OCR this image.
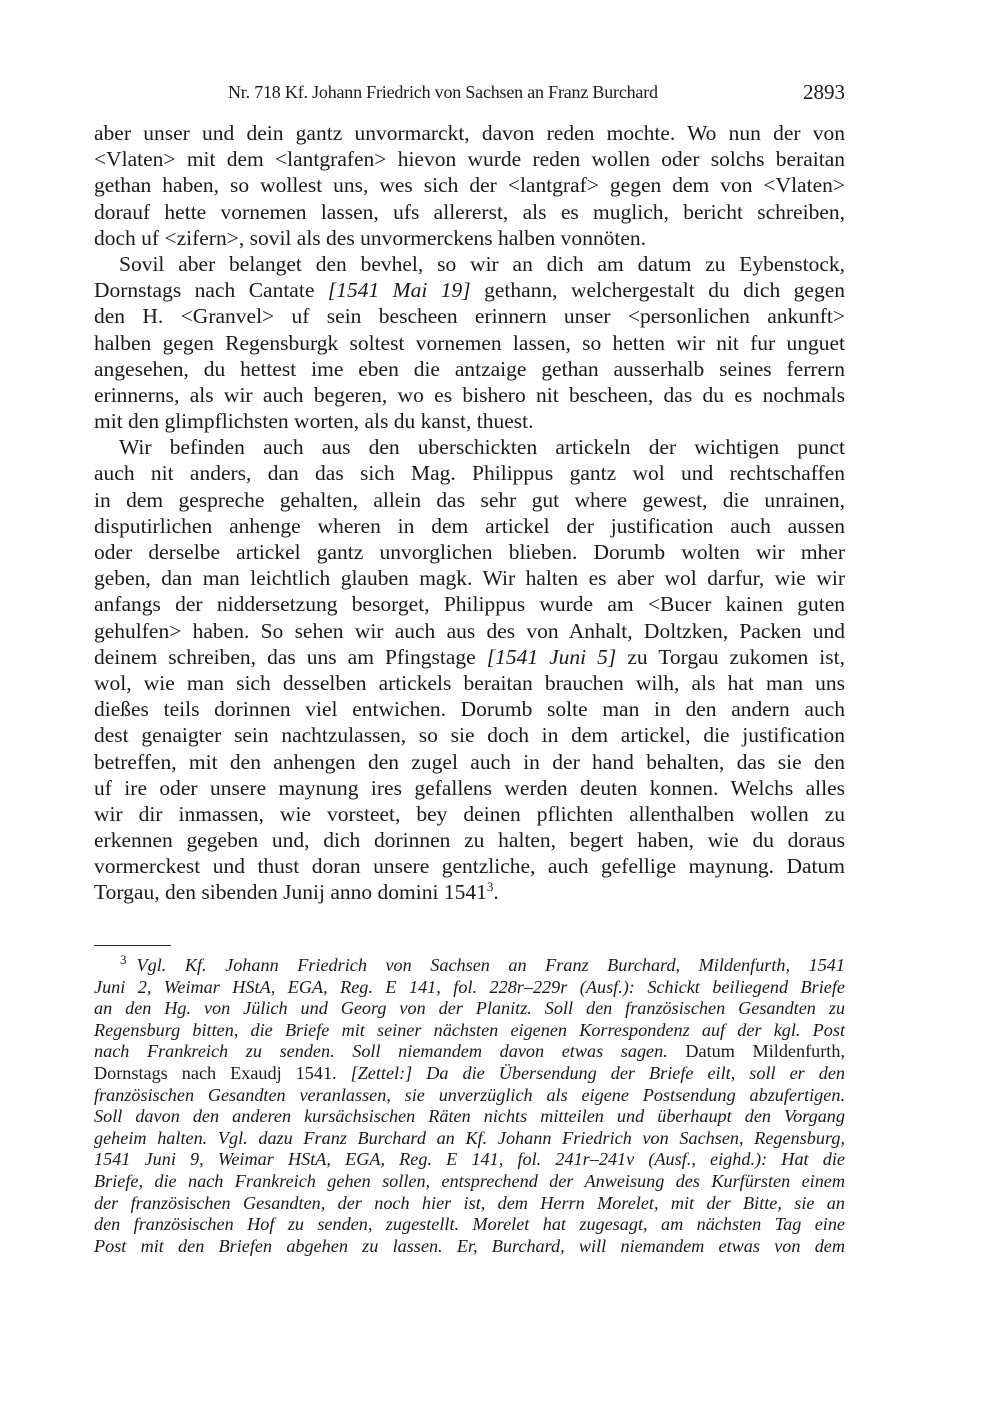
Nr. 718 Kf. Johann Friedrich von Sachsen an Franz Burchard	2893
aber unser und dein gantz unvormarckt, davon reden mochte. Wo nun der von
<Vlaten> mit dem <lantgrafen> hievon wurde reden wollen oder solchs beraitan
gethan haben, so wollest uns, wes sich der <lantgraf> gegen dem von <Vlaten>
dorauf hette vornemen lassen, ufs allererst, als es muglich, bericht schreiben,
doch uf <zifern>, sovil als des unvormerckens halben vonnöten.
Sovil aber belanget den bevhel, so wir an dich am datum zu Eybenstock,
Dornstags nach Cantate [1541 Mai 19] gethann, welchergestalt du dich gegen
den H. <Granvel> uf sein bescheen erinnern unser <personlichen ankunft>
halben gegen Regensburgk soltest vornemen lassen, so hetten wir nit fur unguet
angesehen, du hettest ime eben die antzaige gethan ausserhalb seines ferrern
erinnerns, als wir auch begeren, wo es bishero nit bescheen, das du es nochmals
mit den glimpflichsten worten, als du kanst, thuest.
Wir befinden auch aus den uberschickten artickeln der wichtigen punct
auch nit anders, dan das sich Mag. Philippus gantz wol und rechtschaffen
in dem gespreche gehalten, allein das sehr gut where gewest, die unrainen,
disputirlichen anhenge wheren in dem artickel der justification auch aussen
oder derselbe artickel gantz unvorglichen blieben. Dorumb wolten wir mher
geben, dan man leichtlich glauben magk. Wir halten es aber wol darfur, wie wir
anfangs der niddersetzung besorget, Philippus wurde am <Bucer kainen guten
gehulfen> haben. So sehen wir auch aus des von Anhalt, Doltzken, Packen und
deinem schreiben, das uns am Pfingstage [1541 Juni 5] zu Torgau zukomen ist,
wol, wie man sich desselben artickels beraitan brauchen wilh, als hat man uns
dießes teils dorinnen viel entwichen. Dorumb solte man in den andern auch
dest genaigter sein nachtzulassen, so sie doch in dem artickel, die justification
betreffen, mit den anhengen den zugel auch in der hand behalten, das sie den
uf ire oder unsere maynung ires gefallens werden deuten konnen. Welchs alles
wir dir inmassen, wie vorsteet, bey deinen pflichten allenthalben wollen zu
erkennen gegeben und, dich dorinnen zu halten, begert haben, wie du doraus
vormerckest und thust doran unsere gentzliche, auch gefellige maynung. Datum
Torgau, den sibenden Junij anno domini 1541$^3$.
$^3$ Vgl. Kf. Johann Friedrich von Sachsen an Franz Burchard, Mildenfurth, 1541
Juni 2, Weimar HStA, EGA, Reg. E 141, fol. 228r–229r (Ausf.): Schickt beiliegend Briefe
an den Hg. von Jülich und Georg von der Planitz. Soll den französischen Gesandten zu
Regensburg bitten, die Briefe mit seiner nächsten eigenen Korrespondenz auf der kgl. Post
nach Frankreich zu senden. Soll niemandem davon etwas sagen. Datum Mildenfurth,
Dornstags nach Exaudj 1541. [Zettel:] Da die Übersendung der Briefe eilt, soll er den
französischen Gesandten veranlassen, sie unverzüglich als eigene Postsendung abzufertigen.
Soll davon den anderen kursächsischen Räten nichts mitteilen und überhaupt den Vorgang
geheim halten. Vgl. dazu Franz Burchard an Kf. Johann Friedrich von Sachsen, Regensburg,
1541 Juni 9, Weimar HStA, EGA, Reg. E 141, fol. 241r–241v (Ausf., eighd.): Hat die
Briefe, die nach Frankreich gehen sollen, entsprechend der Anweisung des Kurfürsten einem
der französischen Gesandten, der noch hier ist, dem Herrn Morelet, mit der Bitte, sie an
den französischen Hof zu senden, zugestellt. Morelet hat zugesagt, am nächsten Tag eine
Post mit den Briefen abgehen zu lassen. Er, Burchard, will niemandem etwas von dem
